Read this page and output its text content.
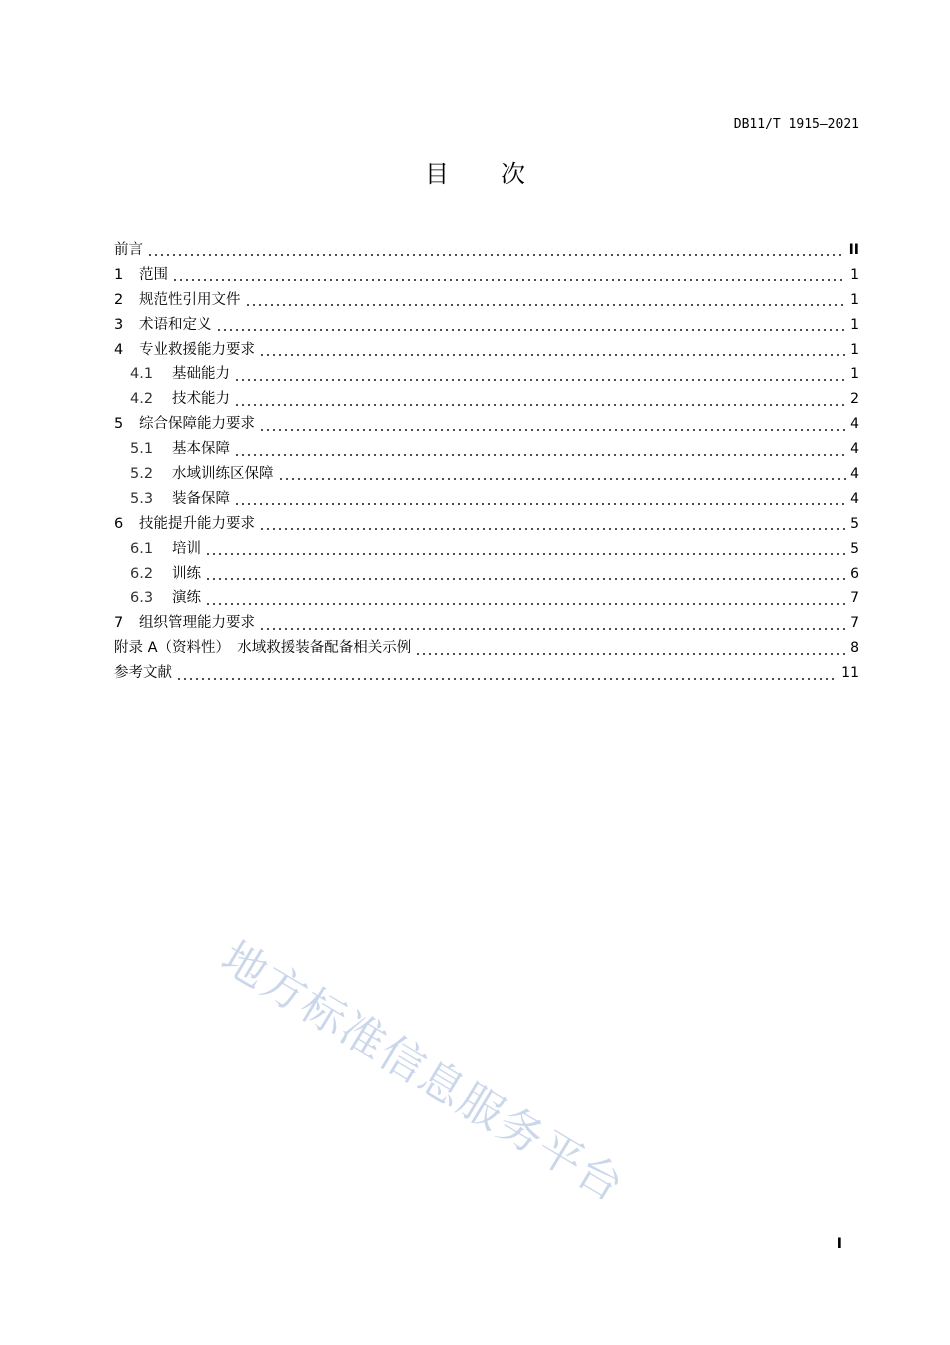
DB11/T 1915—2021
目次
前言	II
1	范围	1
2	规范性引用文件	1
3	术语和定义	1
4	专业救援能力要求	1
4.1	基础能力	1
4.2	技术能力	2
5	综合保障能力要求	4
5.1	基本保障	4
5.2	水域训练区保障	4
5.3	装备保障	4
6	技能提升能力要求	5
6.1	培训	5
6.2	训练	6
6.3	演练	7
7	组织管理能力要求	7
附录 A（资料性）　水域救援装备配备相关示例	8
参考文献	11
地方标准信息服务平台
I
